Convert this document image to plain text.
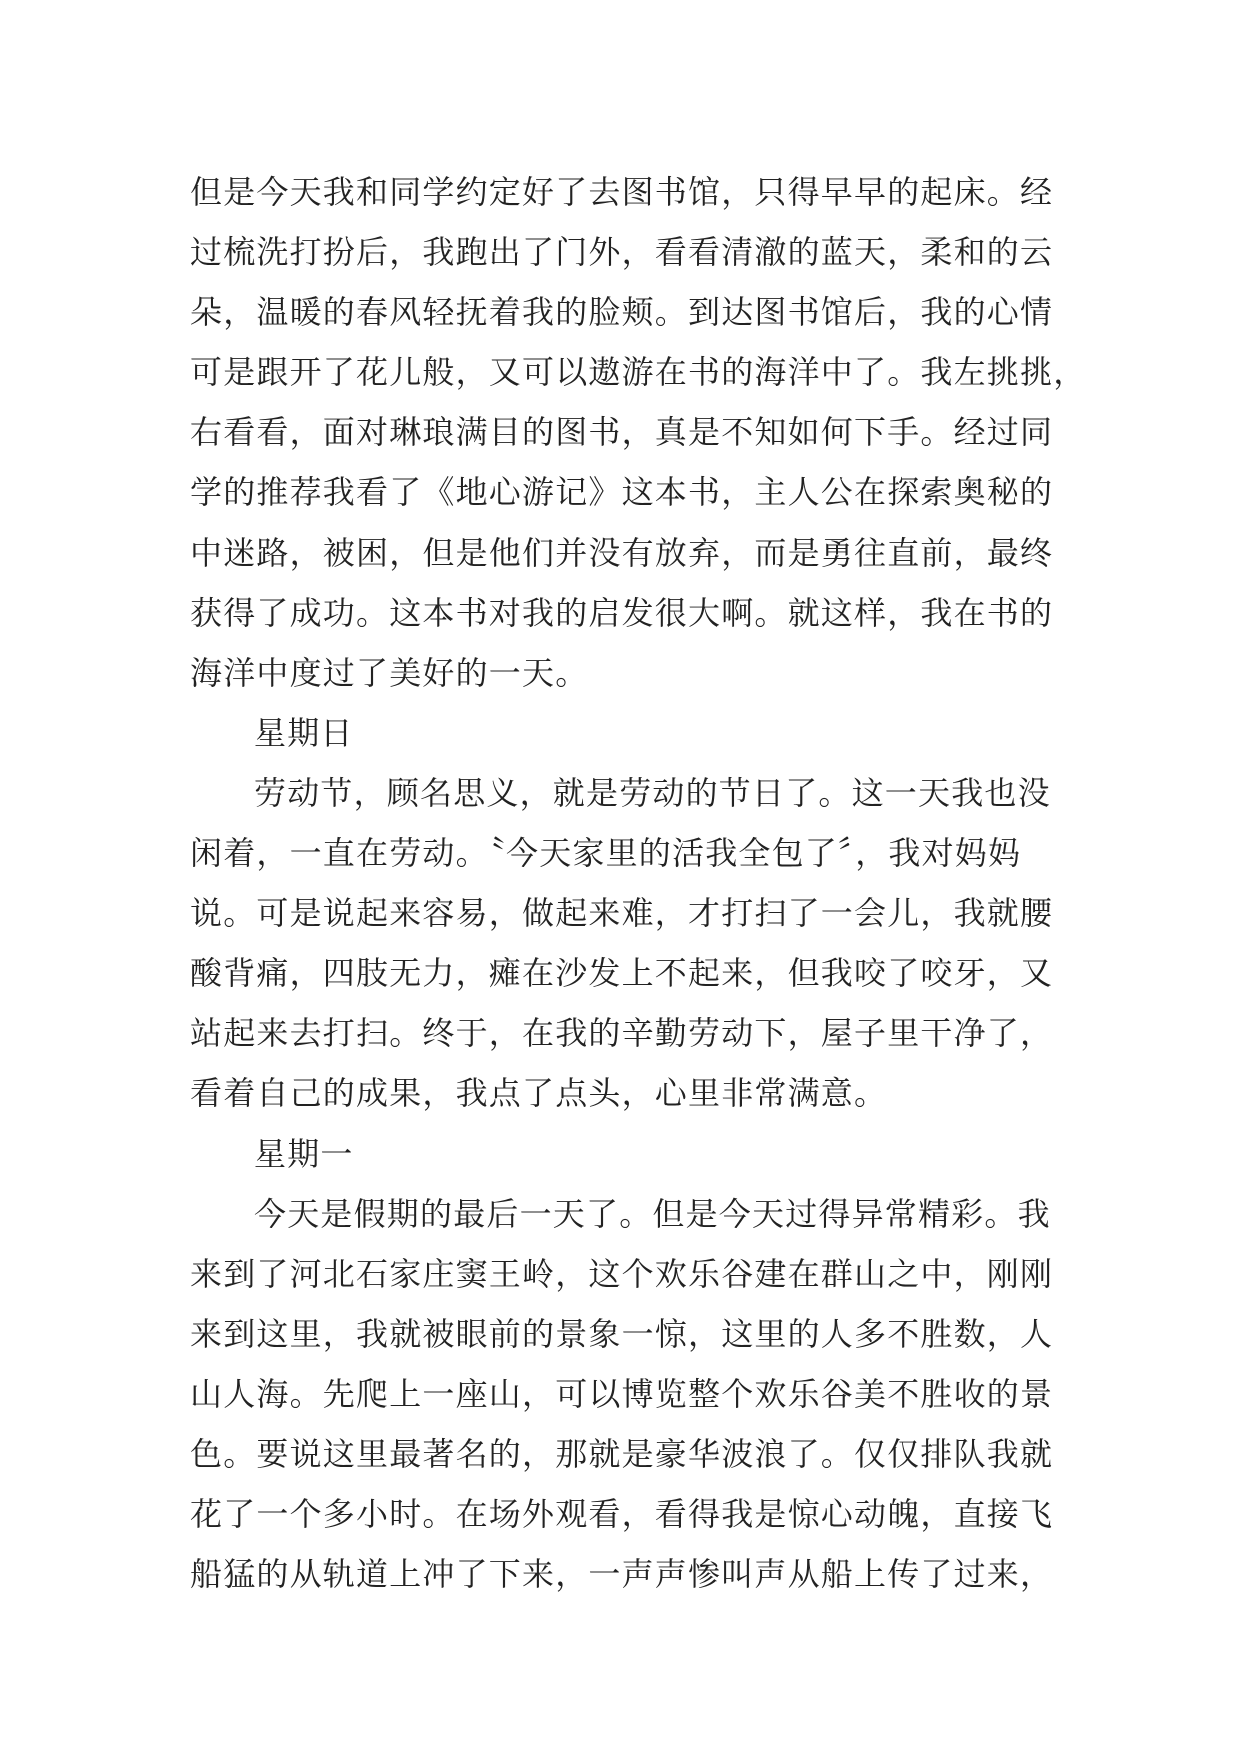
但是今天我和同学约定好了去图书馆，只得早早的起床。经
过梳洗打扮后，我跑出了门外，看看清澈的蓝天，柔和的云
朵，温暖的春风轻抚着我的脸颊。到达图书馆后，我的心情
可是跟开了花儿般，又可以遨游在书的海洋中了。我左挑挑，
右看看，面对琳琅满目的图书，真是不知如何下手。经过同
学的推荐我看了《地心游记》这本书，主人公在探索奥秘的
中迷路，被困，但是他们并没有放弃，而是勇往直前，最终
获得了成功。这本书对我的启发很大啊。就这样，我在书的
海洋中度过了美好的一天。
星期日
劳动节，顾名思义，就是劳动的节日了。这一天我也没
闲着，一直在劳动。〝今天家里的活我全包了〞，我对妈妈
说。可是说起来容易，做起来难，才打扫了一会儿，我就腰
酸背痛，四肢无力，瘫在沙发上不起来，但我咬了咬牙，又
站起来去打扫。终于，在我的辛勤劳动下，屋子里干净了，
看着自己的成果，我点了点头，心里非常满意。
星期一
今天是假期的最后一天了。但是今天过得异常精彩。我
来到了河北石家庄窦王岭，这个欢乐谷建在群山之中，刚刚
来到这里，我就被眼前的景象一惊，这里的人多不胜数，人
山人海。先爬上一座山，可以博览整个欢乐谷美不胜收的景
色。要说这里最著名的，那就是豪华波浪了。仅仅排队我就
花了一个多小时。在场外观看，看得我是惊心动魄，直接飞
船猛的从轨道上冲了下来，一声声惨叫声从船上传了过来，
